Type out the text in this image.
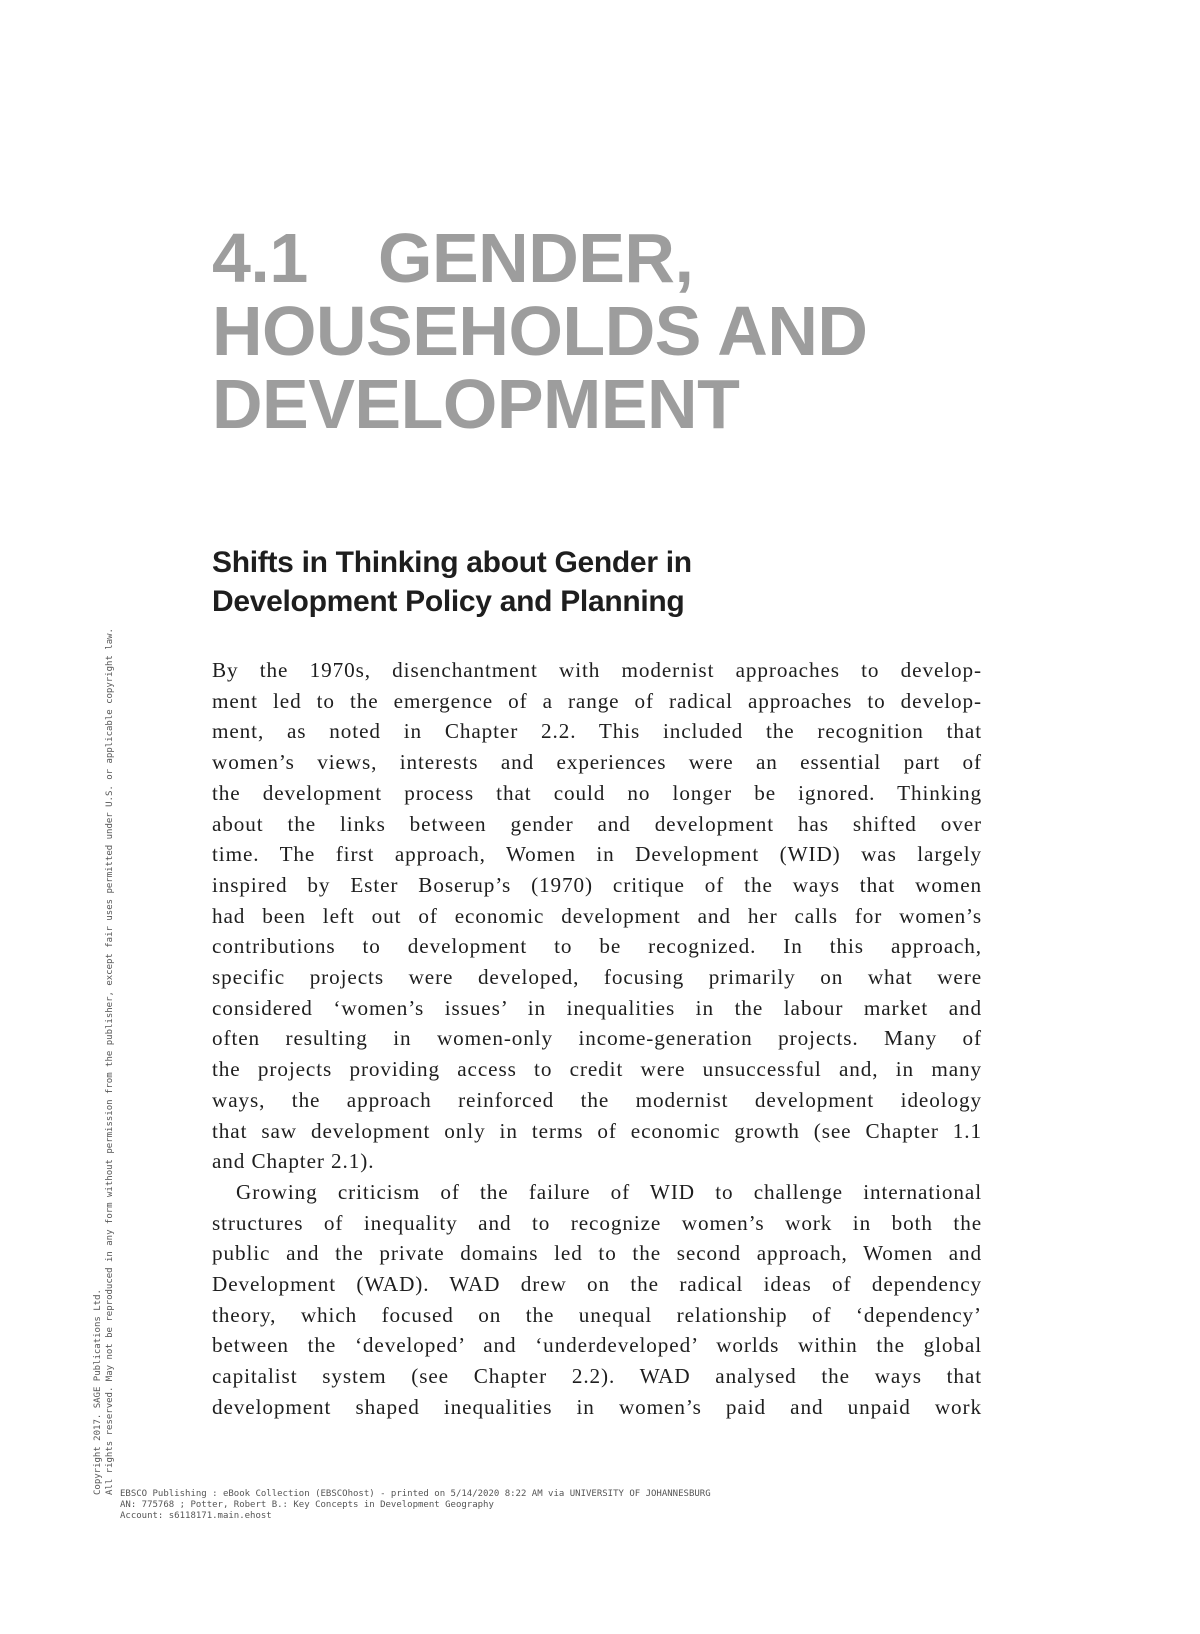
4.1 GENDER,
HOUSEHOLDS AND
DEVELOPMENT
Shifts in Thinking about Gender in
Development Policy and Planning

By the 1970s, disenchantment with modernist approaches to develop-
ment led to the emergence of a range of radical approaches to develop-
ment, as noted in Chapter 2.2. This included the recognition that
women’s views, interests and experiences were an essential part of
the development process that could no longer be ignored. Thinking
about the links between gender and development has shifted over
time. The first approach, Women in Development (WID) was largely
inspired by Ester Boserup’s (1970) critique of the ways that women
had been left out of economic development and her calls for women’s
contributions to development to be recognized. In this approach,
specific projects were developed, focusing primarily on what were
considered ‘women’s issues’ in inequalities in the labour market and
often resulting in women-only income-generation projects. Many of
the projects providing access to credit were unsuccessful and, in many
ways, the approach reinforced the modernist development ideology
that saw development only in terms of economic growth (see Chapter 1.1
and Chapter 2.1).

Growing criticism of the failure of WID to challenge international
structures of inequality and to recognize women’s work in both the
public and the private domains led to the second approach, Women and
Development (WAD). WAD drew on the radical ideas of dependency
theory, which focused on the unequal relationship of ‘dependency’
between the ‘developed’ and ‘underdeveloped’ worlds within the global
capitalist system (see Chapter 2.2). WAD analysed the ways that
development shaped inequalities in women’s paid and unpaid work

Copyright 2017. SAGE Publications Ltd. All rights reserved. May not be reproduced in any form without permission from the publisher, except fair uses permitted under U.S. or applicable copyright law. EBSCO Publishing : eBook Collection (EBSCOhost) - printed on 5/14/2020 8:22 AM via UNIVERSITY OF JOHANNESBURG
AN: 775768 ; Potter, Robert B.: Key Concepts in Development Geography
Account: s6118171.main.ehost
